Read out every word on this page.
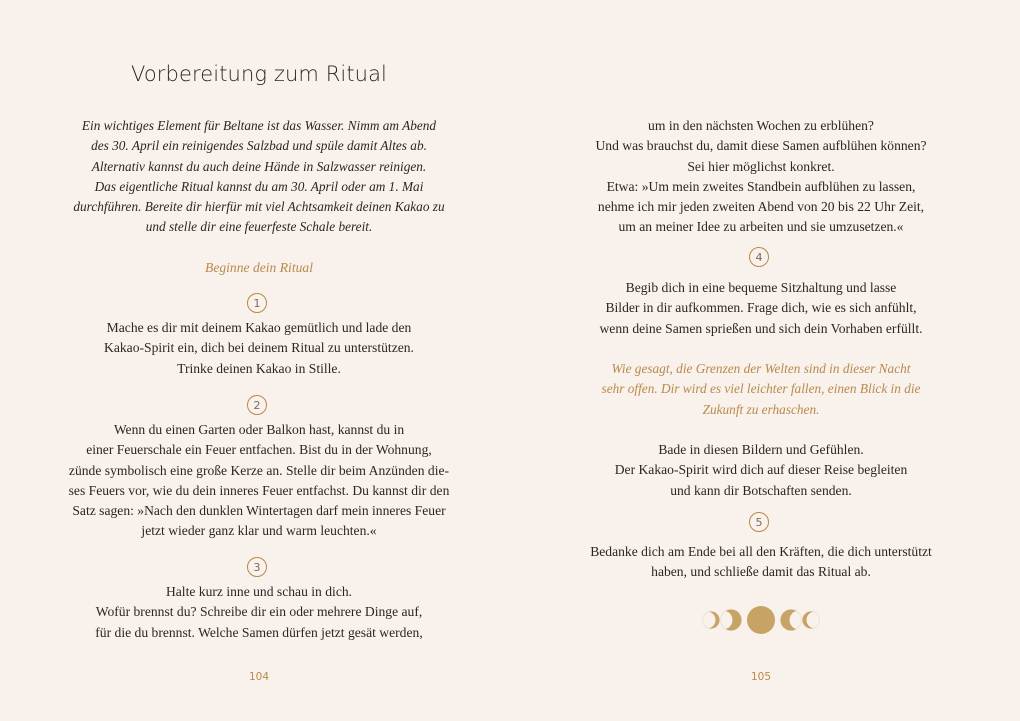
Vorbereitung zum Ritual
Ein wichtiges Element für Beltane ist das Wasser. Nimm am Abend
des 30. April ein reinigendes Salzbad und spüle damit Altes ab.
Alternativ kannst du auch deine Hände in Salzwasser reinigen.
Das eigentliche Ritual kannst du am 30. April oder am 1. Mai
durchführen. Bereite dir hierfür mit viel Achtsamkeit deinen Kakao zu
und stelle dir eine feuerfeste Schale bereit.
Beginne dein Ritual
1
Mache es dir mit deinem Kakao gemütlich und lade den
Kakao-Spirit ein, dich bei deinem Ritual zu unterstützen.
Trinke deinen Kakao in Stille.
2
Wenn du einen Garten oder Balkon hast, kannst du in
einer Feuerschale ein Feuer entfachen. Bist du in der Wohnung,
zünde symbolisch eine große Kerze an. Stelle dir beim Anzünden die-
ses Feuers vor, wie du dein inneres Feuer entfachst. Du kannst dir den
Satz sagen: »Nach den dunklen Wintertagen darf mein inneres Feuer
jetzt wieder ganz klar und warm leuchten.«
3
Halte kurz inne und schau in dich.
Wofür brennst du? Schreibe dir ein oder mehrere Dinge auf,
für die du brennst. Welche Samen dürfen jetzt gesät werden,
104
um in den nächsten Wochen zu erblühen?
Und was brauchst du, damit diese Samen aufblühen können?
Sei hier möglichst konkret.
Etwa: »Um mein zweites Standbein aufblühen zu lassen,
nehme ich mir jeden zweiten Abend von 20 bis 22 Uhr Zeit,
um an meiner Idee zu arbeiten und sie umzusetzen.«
4
Begib dich in eine bequeme Sitzhaltung und lasse
Bilder in dir aufkommen. Frage dich, wie es sich anfühlt,
wenn deine Samen sprießen und sich dein Vorhaben erfüllt.
Wie gesagt, die Grenzen der Welten sind in dieser Nacht
sehr offen. Dir wird es viel leichter fallen, einen Blick in die
Zukunft zu erhaschen.
Bade in diesen Bildern und Gefühlen.
Der Kakao-Spirit wird dich auf dieser Reise begleiten
und kann dir Botschaften senden.
5
Bedanke dich am Ende bei all den Kräften, die dich unterstützt
haben, und schließe damit das Ritual ab.
105
